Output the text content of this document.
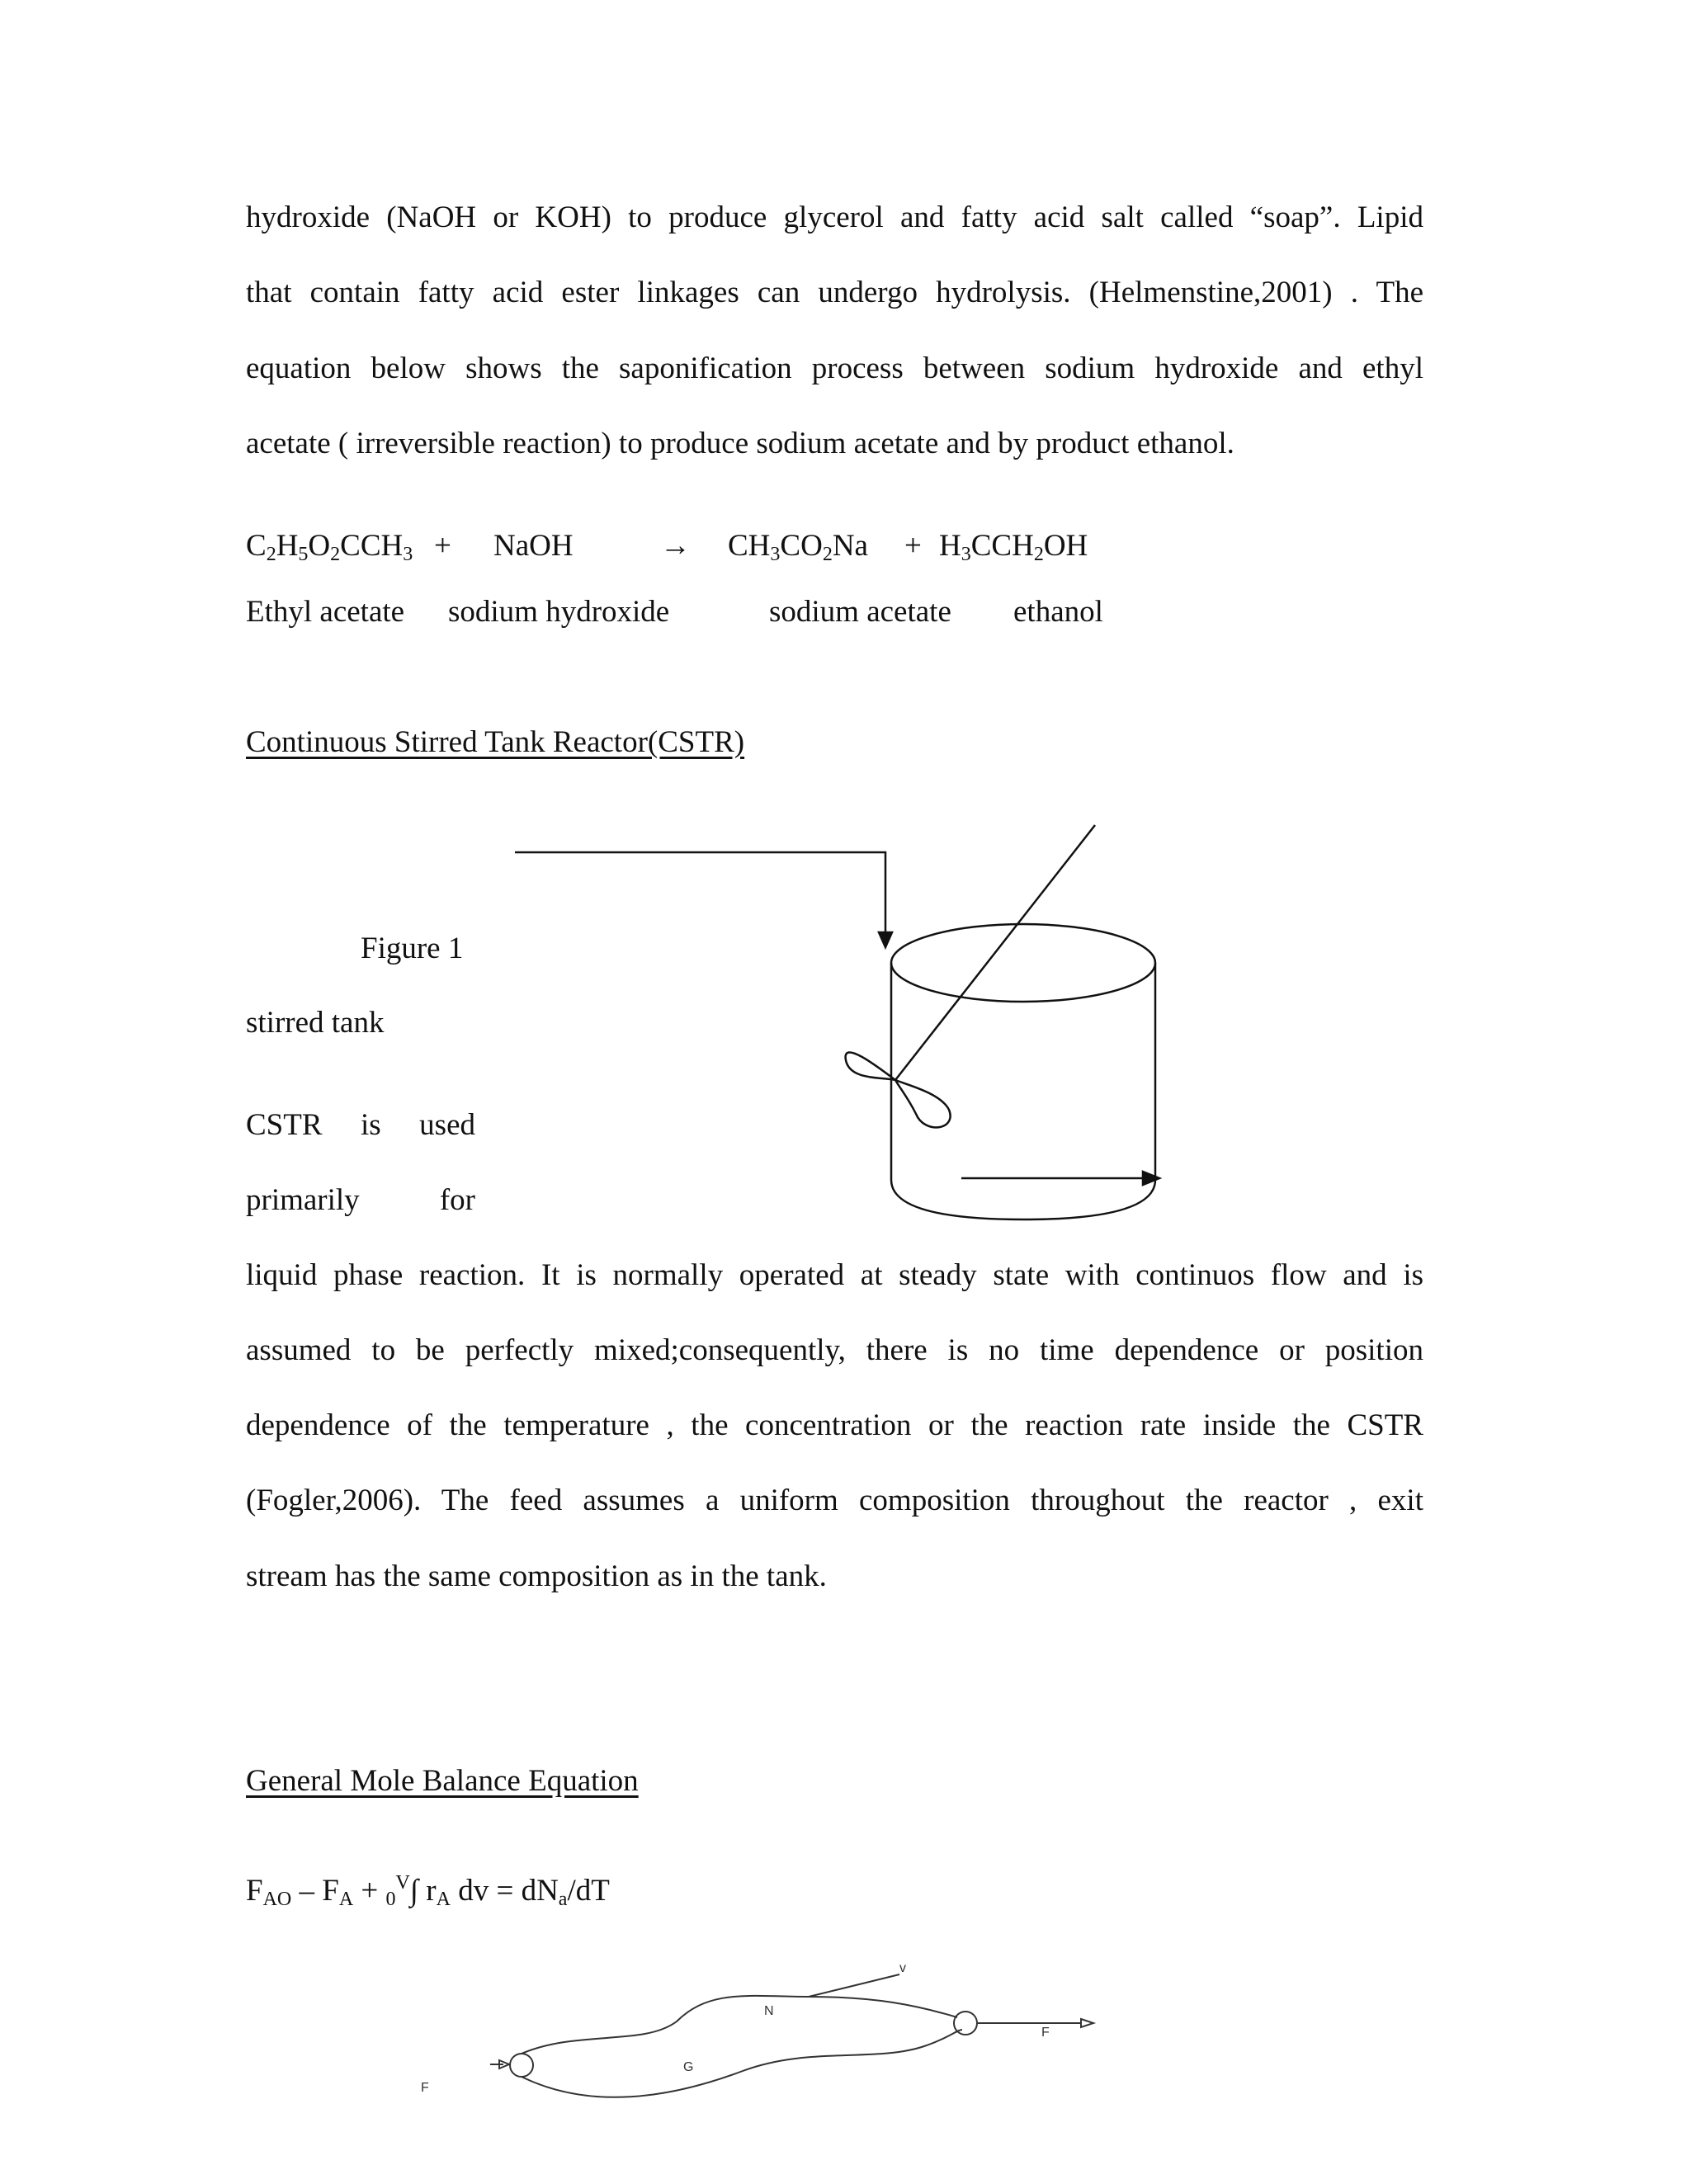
hydroxide (NaOH or KOH) to produce glycerol and fatty acid salt called “soap”. Lipid
that contain fatty acid ester linkages can undergo hydrolysis. (Helmenstine,2001) . The
equation below shows the saponification process between sodium hydroxide and ethyl
acetate ( irreversible reaction) to produce sodium acetate and by product ethanol.
$C_2H_5O_2CCH_3$ + NaOH	→ $CH_3CO_2Na + H_3CCH_2OH$
Ethyl acetate sodium hydroxide	sodium acetate ethanol
Continuous Stirred Tank Reactor(CSTR)
Figure 1
stirred tank
CSTR is used
primarily	for
liquid phase reaction. It is normally operated at steady state with continuos flow and is
assumed to be perfectly mixed;consequently, there is no time dependence or position
dependence of the temperature , the concentration or the reaction rate inside the CSTR
(Fogler,2006). The feed assumes a uniform composition throughout the reactor , exit
stream has the same composition as in the tank.
General Mole Balance Equation
$F_{AO} - F_A + _0^V\int$ $r_A$ dv = $dN_a/dT$
F
F
G
N
v
